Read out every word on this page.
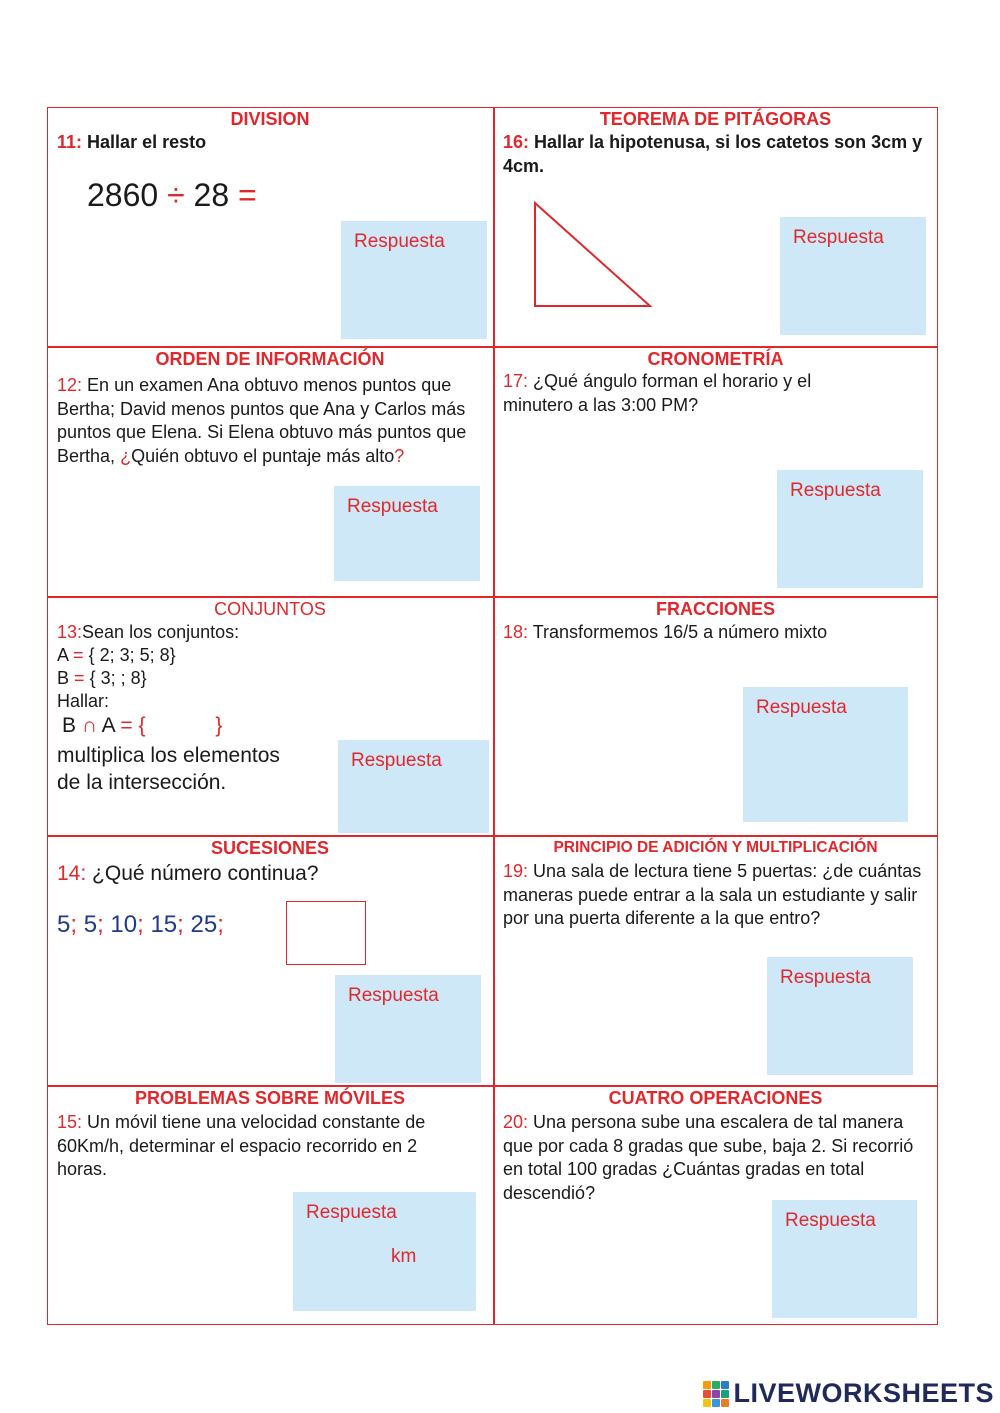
DIVISION
11: Hallar el resto
2860 ÷ 28 =
Respuesta
TEOREMA DE PITÁGORAS
16: Hallar la hipotenusa, si los catetos son 3cm y 4cm.
Respuesta
ORDEN DE INFORMACIÓN
12: En un examen Ana obtuvo menos puntos que Bertha; David menos puntos que Ana y Carlos más puntos que Elena. Si Elena obtuvo más puntos que Bertha, ¿Quién obtuvo el puntaje más alto?
Respuesta
CRONOMETRÍA
17: ¿Qué ángulo forman el horario y el minutero a las 3:00 PM?
Respuesta
CONJUNTOS
13:Sean los conjuntos:
A = { 2; 3; 5; 8}
B = { 3; ; 8}
Hallar:
B ∩ A = {	}
multiplica los elementos
de la intersección.
Respuesta
FRACCIONES
18: Transformemos 16/5 a número mixto
Respuesta
SUCESIONES
14: ¿Qué número continua?
5; 5; 10; 15; 25;
Respuesta
PRINCIPIO DE ADICIÓN Y MULTIPLICACIÓN
19: Una sala de lectura tiene 5 puertas: ¿de cuántas maneras puede entrar a la sala un estudiante y salir por una puerta diferente a la que entro?
Respuesta
PROBLEMAS SOBRE MÓVILES
15: Un móvil tiene una velocidad constante de 60Km/h, determinar el espacio recorrido en 2 horas.
Respuesta
km
CUATRO OPERACIONES
20: Una persona sube una escalera de tal manera que por cada 8 gradas que sube, baja 2. Si recorrió en total 100 gradas ¿Cuántas gradas en total descendió?
Respuesta
LIVEWORKSHEETS
